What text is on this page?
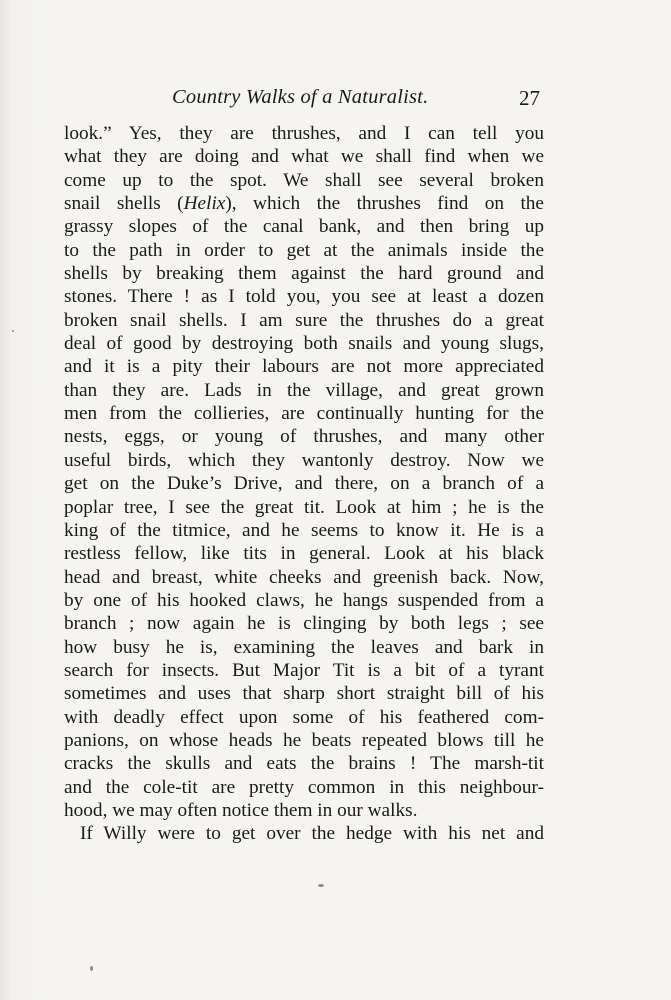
Country Walks of a Naturalist.	27
look.” Yes, they are thrushes, and I can tell you
what they are doing and what we shall find when we
come up to the spot. We shall see several broken
snail shells (Helix), which the thrushes find on the
grassy slopes of the canal bank, and then bring up
to the path in order to get at the animals inside the
shells by breaking them against the hard ground and
stones. There ! as I told you, you see at least a dozen
broken snail shells. I am sure the thrushes do a great
deal of good by destroying both snails and young slugs,
and it is a pity their labours are not more appreciated
than they are. Lads in the village, and great grown
men from the collieries, are continually hunting for the
nests, eggs, or young of thrushes, and many other
useful birds, which they wantonly destroy. Now we
get on the Duke’s Drive, and there, on a branch of a
poplar tree, I see the great tit. Look at him ; he is the
king of the titmice, and he seems to know it. He is a
restless fellow, like tits in general. Look at his black
head and breast, white cheeks and greenish back. Now,
by one of his hooked claws, he hangs suspended from a
branch ; now again he is clinging by both legs ; see
how busy he is, examining the leaves and bark in
search for insects. But Major Tit is a bit of a tyrant
sometimes and uses that sharp short straight bill of his
with deadly effect upon some of his feathered com-
panions, on whose heads he beats repeated blows till he
cracks the skulls and eats the brains ! The marsh-tit
and the cole-tit are pretty common in this neighbour-
hood, we may often notice them in our walks.
If Willy were to get over the hedge with his net and
